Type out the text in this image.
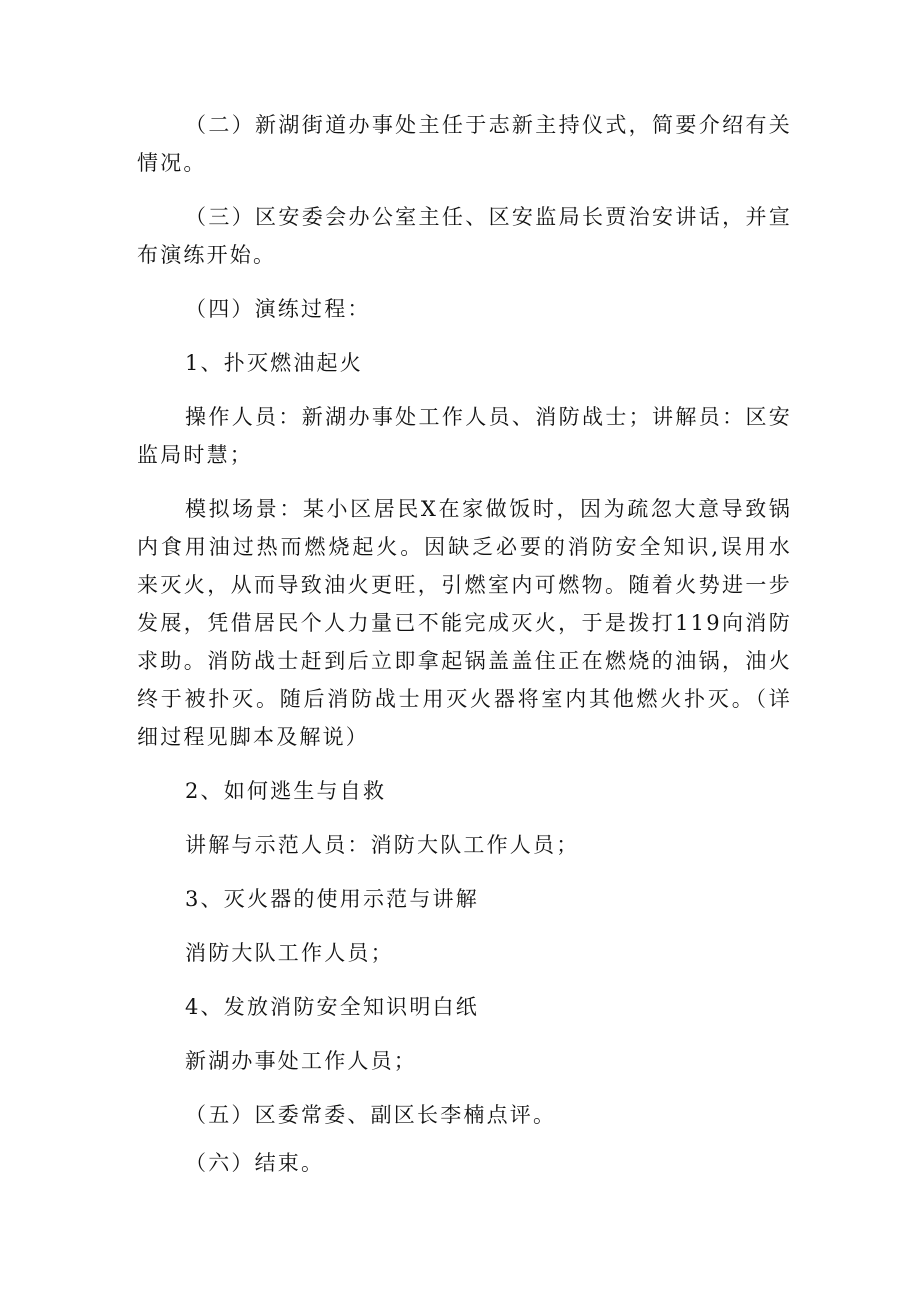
（二）新湖街道办事处主任于志新主持仪式，简要介绍有关情况。

（三）区安委会办公室主任、区安监局长贾治安讲话，并宣布演练开始。

（四）演练过程：

1、扑灭燃油起火

操作人员：新湖办事处工作人员、消防战士；讲解员：区安监局时慧；

模拟场景：某小区居民X在家做饭时，因为疏忽大意导致锅内食用油过热而燃烧起火。因缺乏必要的消防安全知识,误用水来灭火，从而导致油火更旺，引燃室内可燃物。随着火势进一步发展，凭借居民个人力量已不能完成灭火，于是拨打119向消防求助。消防战士赶到后立即拿起锅盖盖住正在燃烧的油锅，油火终于被扑灭。随后消防战士用灭火器将室内其他燃火扑灭。（详细过程见脚本及解说）

2、如何逃生与自救

讲解与示范人员：消防大队工作人员；

3、灭火器的使用示范与讲解

消防大队工作人员；

4、发放消防安全知识明白纸

新湖办事处工作人员；

（五）区委常委、副区长李楠点评。

（六）结束。
